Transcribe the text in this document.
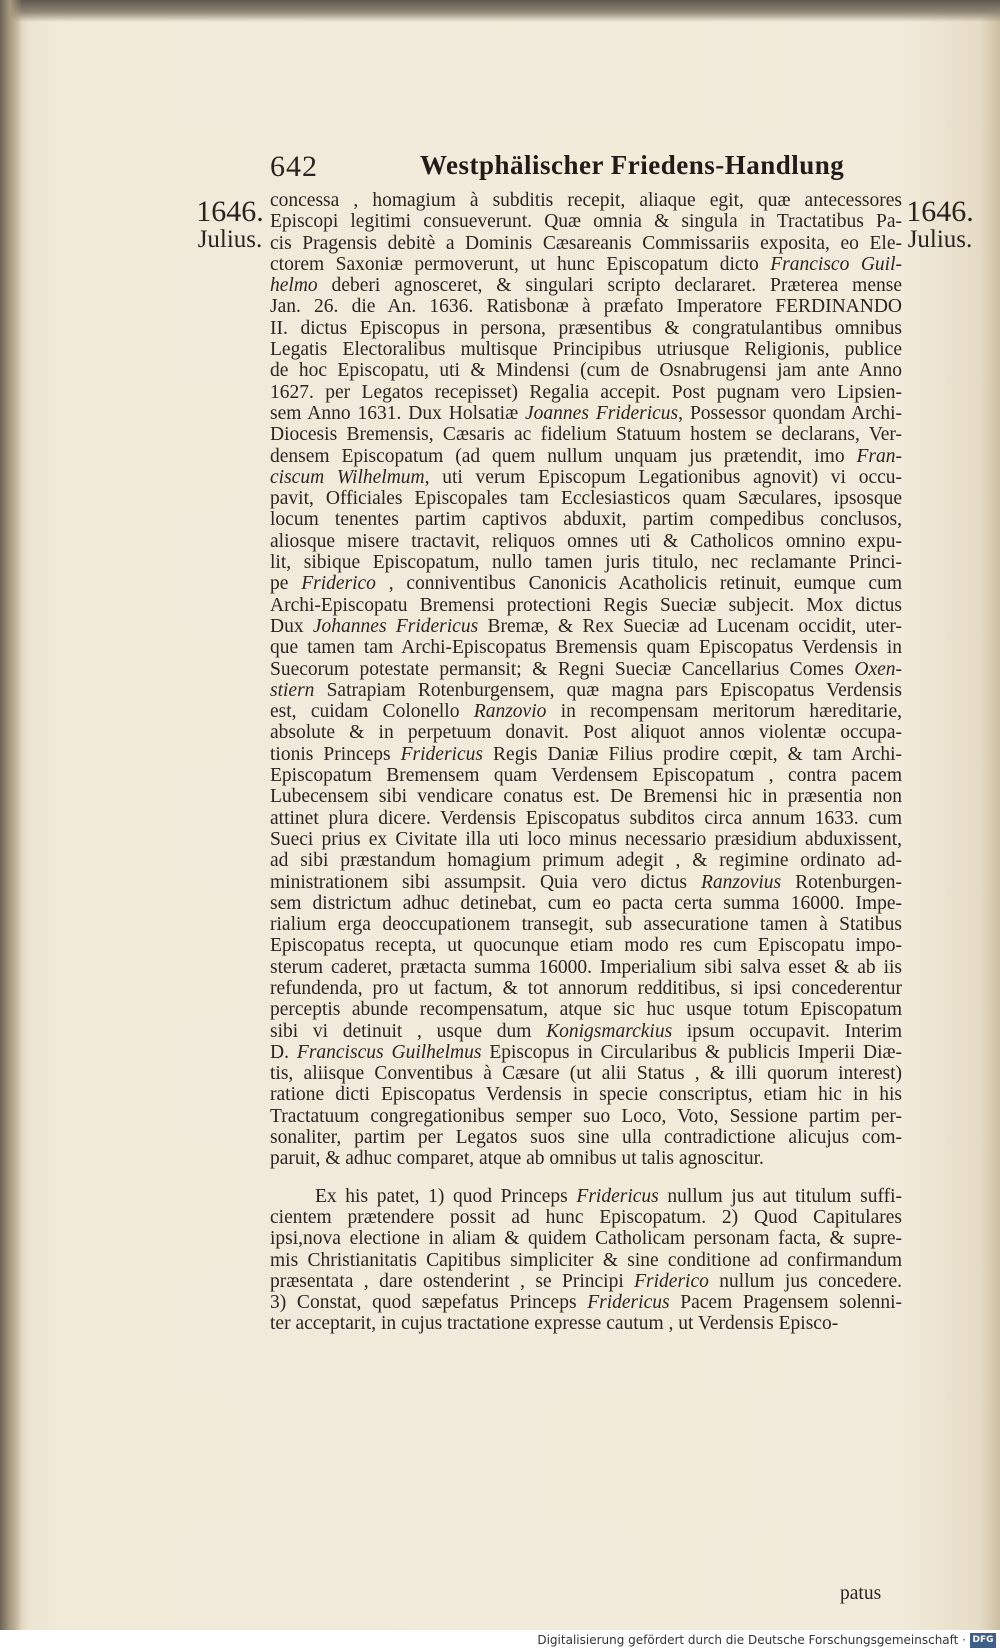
642	Westphälischer Friedens-Handlung
1646.
Julius.
1646.
Julius.
concessa , homagium à subditis recepit, aliaque egit, quæ antecessores
Episcopi legitimi consueverunt. Quæ omnia & singula in Tractatibus Pa-
cis Pragensis debitè a Dominis Cæsareanis Commissariis exposita, eo Ele-
ctorem Saxoniæ permoverunt, ut hunc Episcopatum dicto Francisco Guil-
helmo deberi agnosceret, & singulari scripto declararet. Præterea mense
Jan. 26. die An. 1636. Ratisbonæ à præfato Imperatore FERDINANDO
II. dictus Episcopus in persona, præsentibus & congratulantibus omnibus
Legatis Electoralibus multisque Principibus utriusque Religionis, publice
de hoc Episcopatu, uti & Mindensi (cum de Osnabrugensi jam ante Anno
1627. per Legatos recepisset) Regalia accepit. Post pugnam vero Lipsien-
sem Anno 1631. Dux Holsatiæ Joannes Fridericus, Possessor quondam Archi-
Diocesis Bremensis, Cæsaris ac fidelium Statuum hostem se declarans, Ver-
densem Episcopatum (ad quem nullum unquam jus prætendit, imo Fran-
ciscum Wilhelmum, uti verum Episcopum Legationibus agnovit) vi occu-
pavit, Officiales Episcopales tam Ecclesiasticos quam Sæculares, ipsosque
locum tenentes partim captivos abduxit, partim compedibus conclusos,
aliosque misere tractavit, reliquos omnes uti & Catholicos omnino expu-
lit, sibique Episcopatum, nullo tamen juris titulo, nec reclamante Princi-
pe Friderico , conniventibus Canonicis Acatholicis retinuit, eumque cum
Archi-Episcopatu Bremensi protectioni Regis Sueciæ subjecit. Mox dictus
Dux Johannes Fridericus Bremæ, & Rex Sueciæ ad Lucenam occidit, uter-
que tamen tam Archi-Episcopatus Bremensis quam Episcopatus Verdensis in
Suecorum potestate permansit; & Regni Sueciæ Cancellarius Comes Oxen-
stiern Satrapiam Rotenburgensem, quæ magna pars Episcopatus Verdensis
est, cuidam Colonello Ranzovio in recompensam meritorum hæreditarie,
absolute & in perpetuum donavit. Post aliquot annos violentæ occupa-
tionis Princeps Fridericus Regis Daniæ Filius prodire cœpit, & tam Archi-
Episcopatum Bremensem quam Verdensem Episcopatum , contra pacem
Lubecensem sibi vendicare conatus est. De Bremensi hic in præsentia non
attinet plura dicere. Verdensis Episcopatus subditos circa annum 1633. cum
Sueci prius ex Civitate illa uti loco minus necessario præsidium abduxissent,
ad sibi præstandum homagium primum adegit , & regimine ordinato ad-
ministrationem sibi assumpsit. Quia vero dictus Ranzovius Rotenburgen-
sem districtum adhuc detinebat, cum eo pacta certa summa 16000. Impe-
rialium erga deoccupationem transegit, sub assecuratione tamen à Statibus
Episcopatus recepta, ut quocunque etiam modo res cum Episcopatu impo-
sterum caderet, prætacta summa 16000. Imperialium sibi salva esset & ab iis
refundenda, pro ut factum, & tot annorum redditibus, si ipsi concederentur
perceptis abunde recompensatum, atque sic huc usque totum Episcopatum
sibi vi detinuit , usque dum Konigsmarckius ipsum occupavit. Interim
D. Franciscus Guilhelmus Episcopus in Circularibus & publicis Imperii Diæ-
tis, aliisque Conventibus à Cæsare (ut alii Status , & illi quorum interest)
ratione dicti Episcopatus Verdensis in specie conscriptus, etiam hic in his
Tractatuum congregationibus semper suo Loco, Voto, Sessione partim per-
sonaliter, partim per Legatos suos sine ulla contradictione alicujus com-
paruit, & adhuc comparet, atque ab omnibus ut talis agnoscitur.
Ex his patet, 1) quod Princeps Fridericus nullum jus aut titulum suffi-
cientem prætendere possit ad hunc Episcopatum. 2) Quod Capitulares
ipsi,nova electione in aliam & quidem Catholicam personam facta, & supre-
mis Christianitatis Capitibus simpliciter & sine conditione ad confirmandum
præsentata , dare ostenderint , se Principi Friderico nullum jus concedere.
3) Constat, quod sæpefatus Princeps Fridericus Pacem Pragensem solenni-
ter acceptarit, in cujus tractatione expresse cautum , ut Verdensis Episco-
patus
Digitalisierung gefördert durch die Deutsche Forschungsgemeinschaft · DFG
